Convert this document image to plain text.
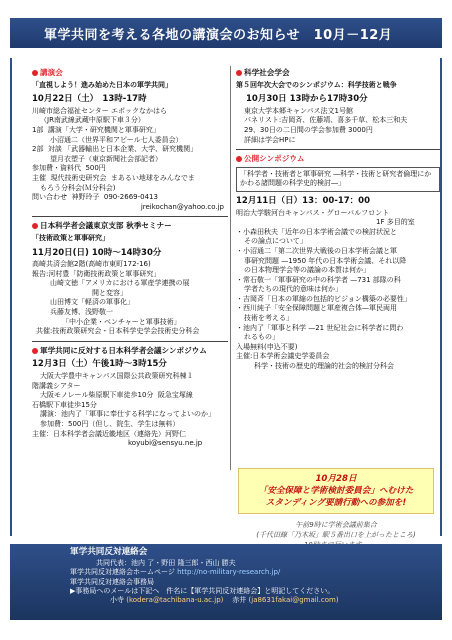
軍学共同を考える各地の講演会のお知らせ　10月－12月
講演会
「直視しよう！進み始めた日本の軍学共同」
10月22日（土）　13時-17時
川崎市総合福祉センター エポックなかはら
（JR南武線武蔵中原駅下車３分）
1部  講演「大学・研究機関と軍事研究」
小沼通二（世界平和アピール七人委員会）
2部  対談 「武器輸出と日本企業、大学、研究機関」
望月衣塑子（東京新聞社会部記者）
参加費・資料代  500円
主催  現代技術史研究会  まあるい地球をみんなでま
もろう分科会(Ｍ分科会)
問い合わせ  神野玲子  090-2669-0413
jreikochan@yahoo.co.jp
日本科学者会議東京支部 秋季セミナー
「技術政策と軍事研究」
11月20日(日) 10時～14時30分
高崎共済会館2階(高崎市東町172-16)
報告:河村豊「防衛技術政策と軍事研究」
山崎文徳「アメリカにおける軍産学連携の展
開と変容」
山田博文「軽済の軍事化」
兵藤友博、浅野敬一
「中小企業・ベンチャーと軍事技術」
共催:技術政策研究会・日本科学史学会技術史分科会
軍学共同に反対する日本科学者会議シンポジウム
12月3日（土）午後1時～3時15分
大阪大学豊中キャンパス国際公共政策研究科棟１
階講義シアター
大阪モノレール柴原駅下車徒歩10分  阪急宝塚線
石橋駅下車徒歩15分
講演：池内了「軍事に奉仕する科学になってよいのか」
参加費：500円（但し、院生、学生は無料）
主催：日本科学者会議近畿地区（連絡先）河野仁
koyubi@sensyu.ne.jp
科学社会学会
第５回年次大会でのシンポジウム：科学技術と戦争
10月30日 13時から17時30分
東京大学本郷キャンパス法文1号館
パネリスト:吉岡斉、佐藤靖、喜多千草、松本三和夫
29、30日の二日間の学会参加費 3000円
詳細は学会HPに
公開シンポジウム
「科学者・技術者と軍事研究 ―科学・技術と研究者倫理にかかわる諸問題の科学史的検討―」
12月11日（日）13：00-17：00
明治大学駿河台キャンパス・グローバルフロント
1F 多目的室
・小森田秋夫「近年の日本学術会議での検討状況と
その論点について」
・小沼通二「第二次世界大戦後の日本学術会議と軍
事研究問題 —1950 年代の日本学術会議、それ以降
の日本物理学会等の議論の本質は何か」
・常石敬一「軍事研究の中の科学者 —731 部隊の科
学者たちの現代的意味は何か」
・吉岡斉「日本の軍縮の包括的ビジョン構築の必要性」
・西川純子「安全保障問題と軍産複合体—軍民両用
技術を考える」
・池内了「軍事と科学 —21 世紀社会に科学者に問わ
れるもの」
入場無料(申込不要)
主催:日本学術会議史学委員会
科学・技術の歴史的理論的社会的検討分科会
10月28日
「安全保障と学術検討委員会」へむけた
スタンディング要請行動への参加を!
午前9時に学術会議前集合
(千代田線「乃木坂」駅５番出口を上がったところ)
軍学共同反対連絡会
共同代表：池内 了・野田 隆三郎・西山 勝夫
軍学共同反対連絡会ホームページ http://no-military-research.jp/
軍学共同反対連絡会事務局
▶事務局へのメールは下記へ　件名に【軍学共同反対連絡会】と明記してください。
小寺 (kodera@tachibana-u.ac.jp) 赤井 (ja8631fakai@gmail.com)
